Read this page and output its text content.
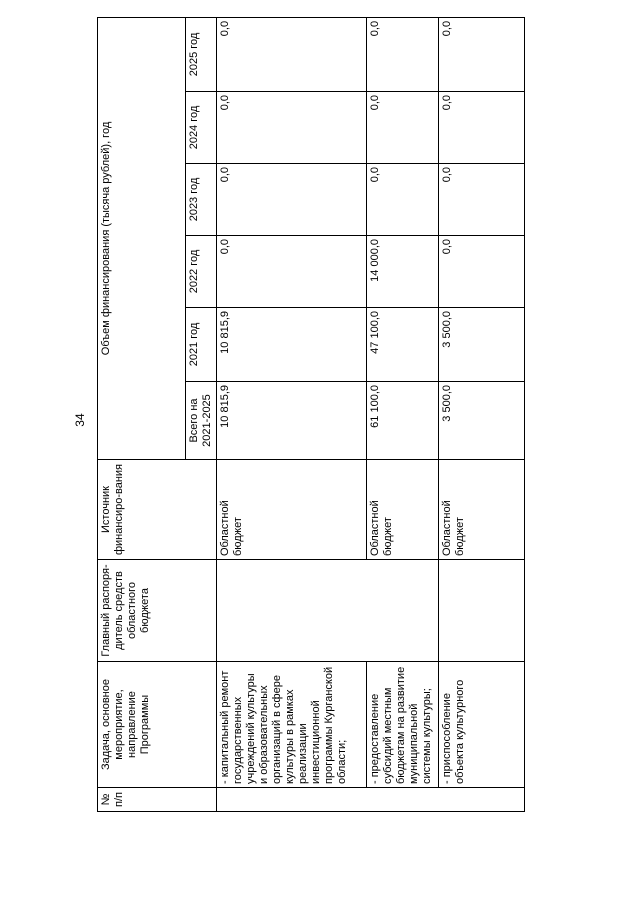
34
№ п/п	Задача, основное мероприятие, направление Программы	Главный распоря-дитель средств областного бюджета	Источник финансиро-вания	Объем финансирования (тысяча рублей), год					
				Всего на 2021-2025	2021 год	2022 год	2023 год	2024 год	2025 год
	- капитальный ремонт государственных учреждений культуры и образовательных организаций в сфере культуры в рамках реализации инвестиционной программы Курганской области;		Областной бюджет	10 815,9	10 815,9	0,0	0,0	0,0	0,0
	- предоставление субсидий местным бюджетам на развитие муниципальной системы культуры;		Областной бюджет	61 100,0	47 100,0	14 000,0	0,0	0,0	0,0
	- приспособление объекта культурного		Областной бюджет	3 500,0	3 500,0	0,0	0,0	0,0	0,0
